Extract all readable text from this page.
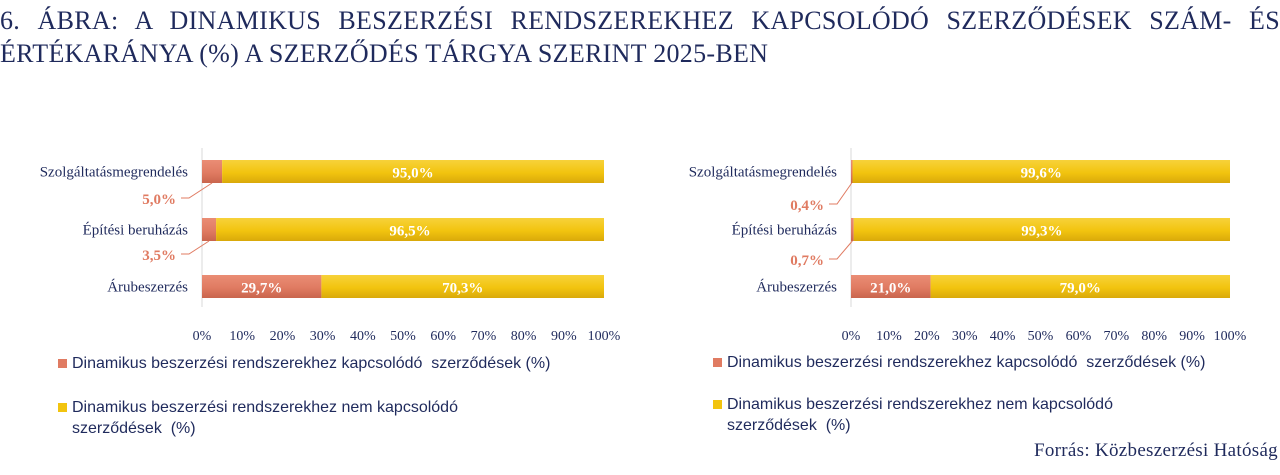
6. ÁBRA: A DINAMIKUS BESZERZÉSI RENDSZEREKHEZ KAPCSOLÓDÓ SZERZŐDÉSEK SZÁM- ÉS
ÉRTÉKARÁNYA (%) A SZERZŐDÉS TÁRGYA SZERINT 2025-BEN
Szolgáltatásmegrendelés	95,0%
5,0%
Építési beruházás	96,5%
3,5%
Árubeszerzés	29,7%	70,3%
0% 10% 20% 30% 40% 50% 60% 70% 80% 90% 100%
Szolgáltatásmegrendelés	99,6%
0,4%
Építési beruházás	99,3%
0,7%
Árubeszerzés 21,0%	79,0%
0% 10% 20% 30% 40% 50% 60% 70% 80% 90% 100%
Dinamikus beszerzési rendszerekhez kapcsolódó  szerződések (%)
Dinamikus beszerzési rendszerekhez nem kapcsolódó
szerződések  (%)
Dinamikus beszerzési rendszerekhez kapcsolódó  szerződések (%)
Dinamikus beszerzési rendszerekhez nem kapcsolódó
szerződések  (%)
Forrás: Közbeszerzési Hatóság
